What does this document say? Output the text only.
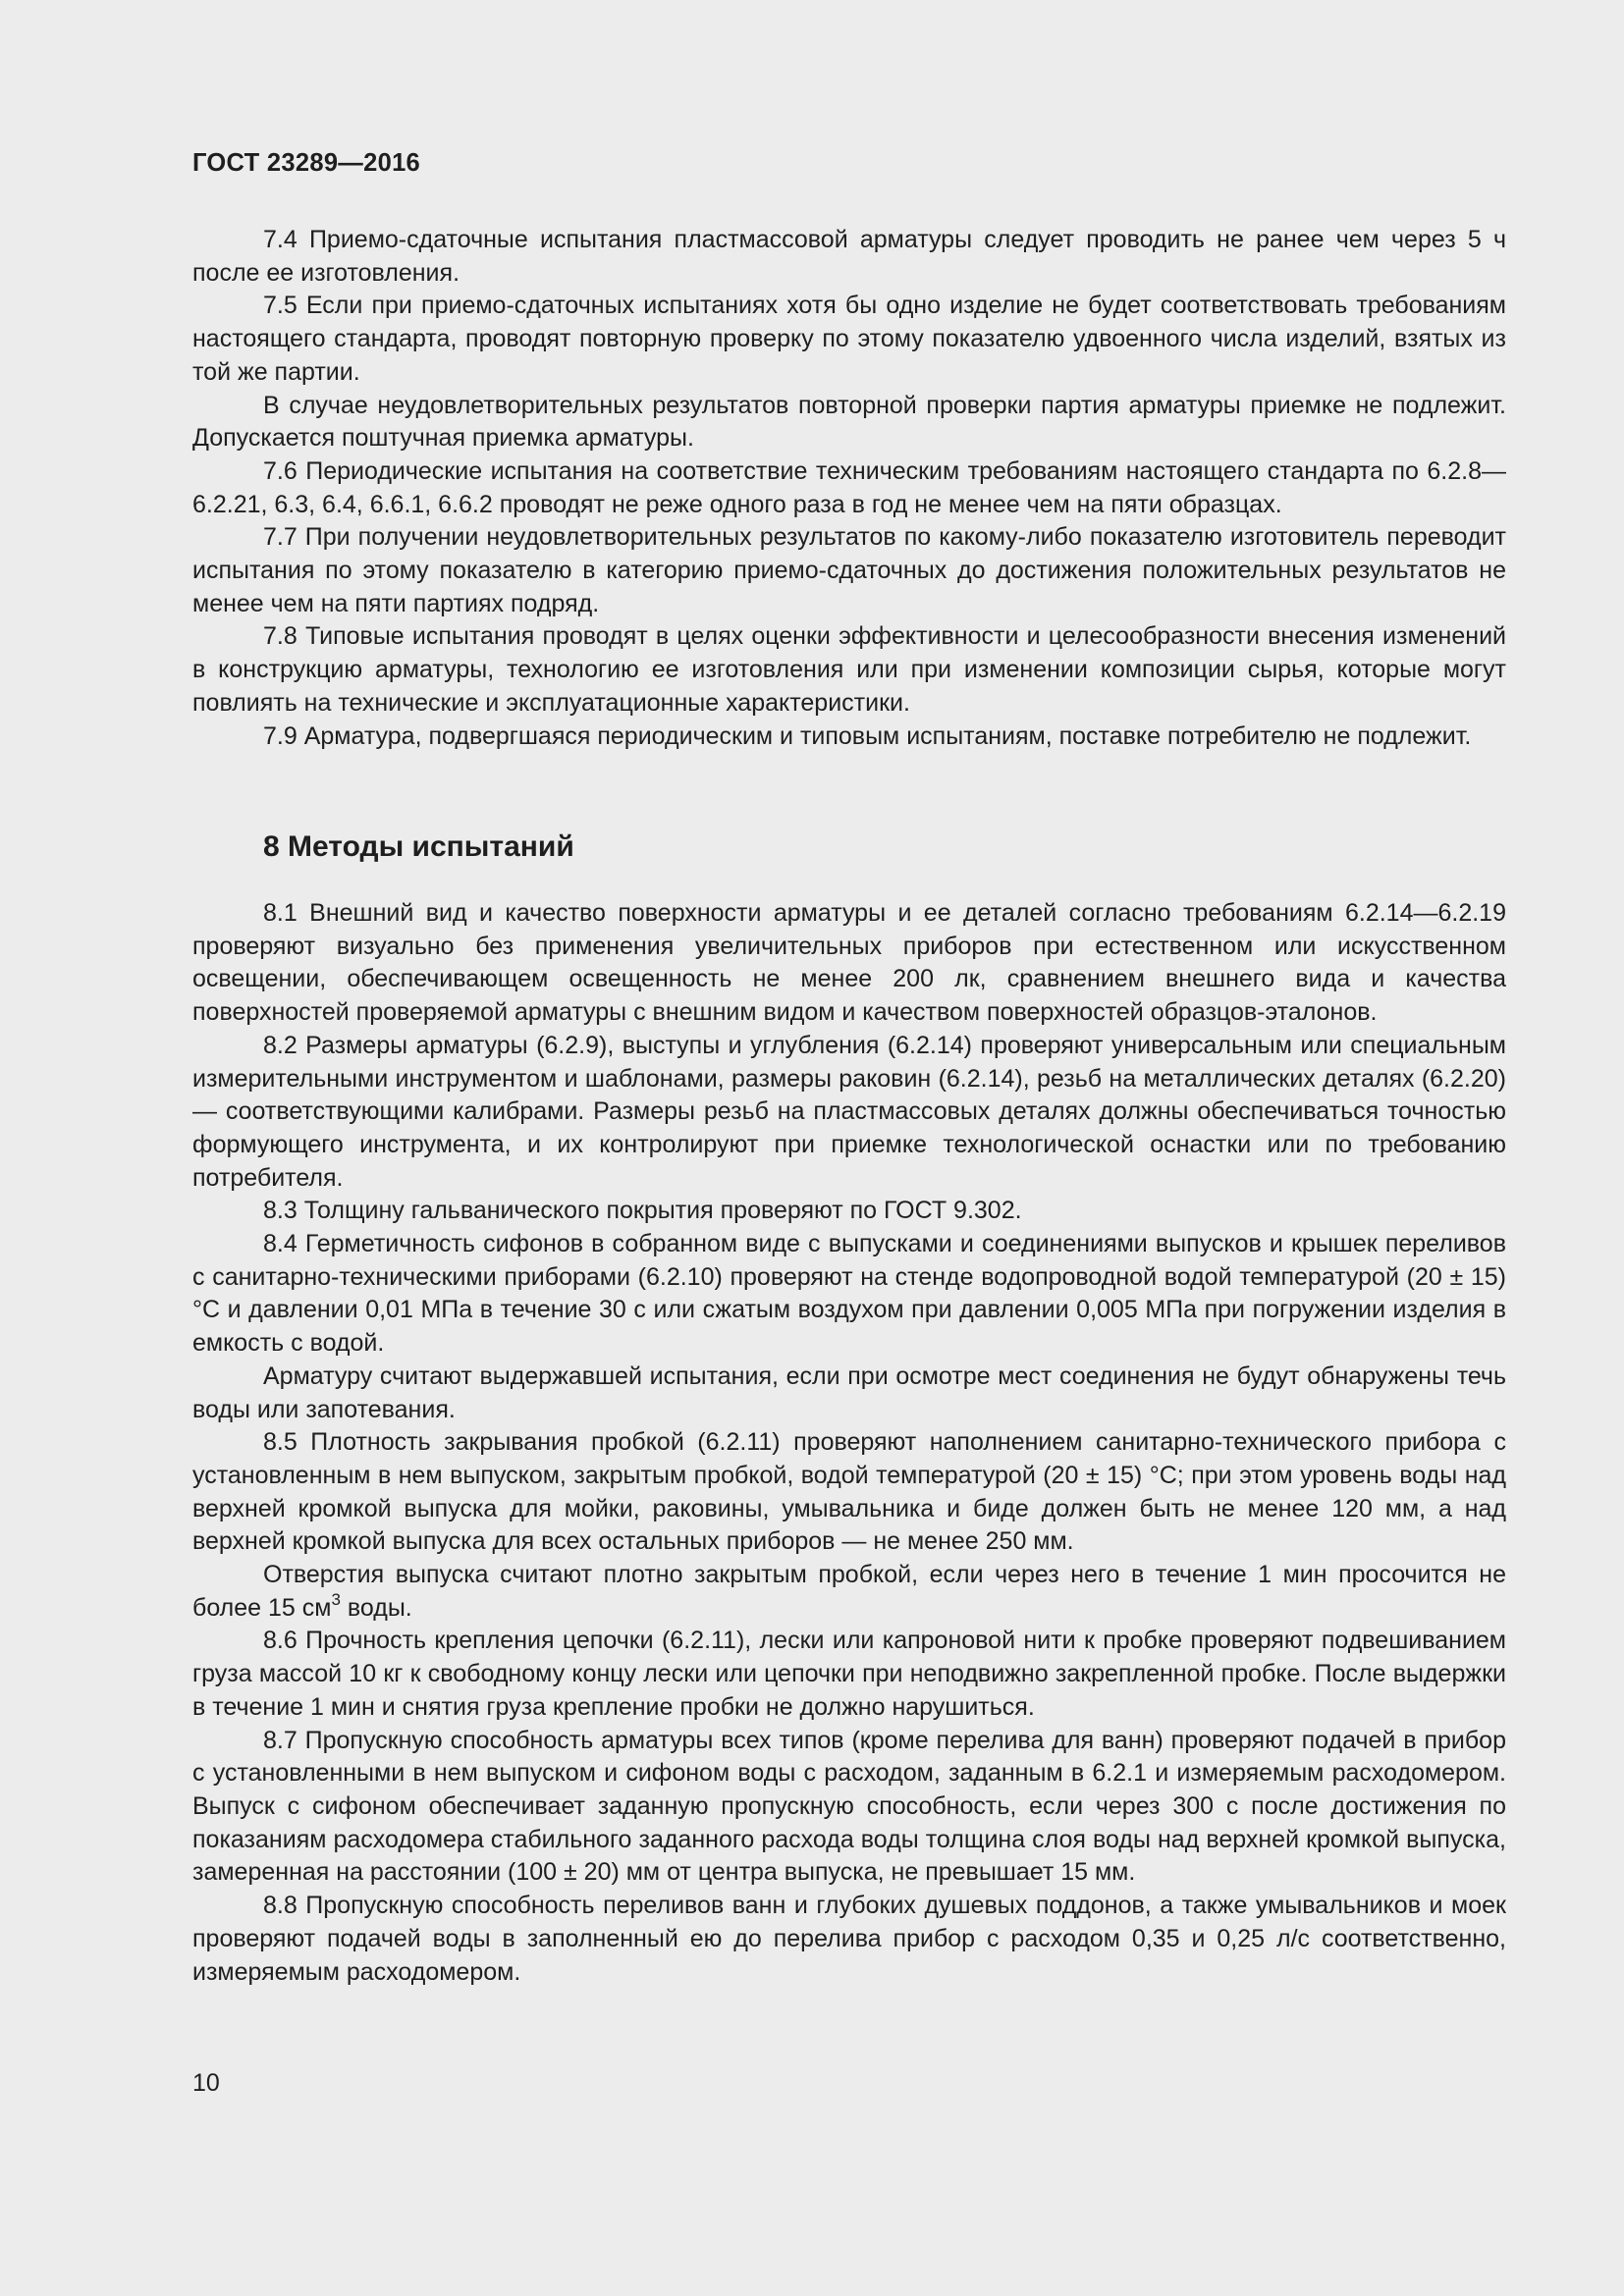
ГОСТ 23289—2016

7.4 Приемо-сдаточные испытания пластмассовой арматуры следует проводить не ранее чем через 5 ч после ее изготовления.

7.5 Если при приемо-сдаточных испытаниях хотя бы одно изделие не будет соответствовать требованиям настоящего стандарта, проводят повторную проверку по этому показателю удвоенного числа изделий, взятых из той же партии.

В случае неудовлетворительных результатов повторной проверки партия арматуры приемке не подлежит. Допускается поштучная приемка арматуры.

7.6 Периодические испытания на соответствие техническим требованиям настоящего стандарта по 6.2.8—6.2.21, 6.3, 6.4, 6.6.1, 6.6.2 проводят не реже одного раза в год не менее чем на пяти образцах.

7.7 При получении неудовлетворительных результатов по какому-либо показателю изготовитель переводит испытания по этому показателю в категорию приемо-сдаточных до достижения положительных результатов не менее чем на пяти партиях подряд.

7.8 Типовые испытания проводят в целях оценки эффективности и целесообразности внесения изменений в конструкцию арматуры, технологию ее изготовления или при изменении композиции сырья, которые могут повлиять на технические и эксплуатационные характеристики.

7.9 Арматура, подвергшаяся периодическим и типовым испытаниям, поставке потребителю не подлежит.

8 Методы испытаний

8.1 Внешний вид и качество поверхности арматуры и ее деталей согласно требованиям 6.2.14—6.2.19 проверяют визуально без применения увеличительных приборов при естественном или искусственном освещении, обеспечивающем освещенность не менее 200 лк, сравнением внешнего вида и качества поверхностей проверяемой арматуры с внешним видом и качеством поверхностей образцов-эталонов.

8.2 Размеры арматуры (6.2.9), выступы и углубления (6.2.14) проверяют универсальным или специальным измерительными инструментом и шаблонами, размеры раковин (6.2.14), резьб на металлических деталях (6.2.20) — соответствующими калибрами. Размеры резьб на пластмассовых деталях должны обеспечиваться точностью формующего инструмента, и их контролируют при приемке технологической оснастки или по требованию потребителя.

8.3 Толщину гальванического покрытия проверяют по ГОСТ 9.302.

8.4 Герметичность сифонов в собранном виде с выпусками и соединениями выпусков и крышек переливов с санитарно-техническими приборами (6.2.10) проверяют на стенде водопроводной водой температурой (20 ± 15) °С и давлении 0,01 МПа в течение 30 с или сжатым воздухом при давлении 0,005 МПа при погружении изделия в емкость с водой.

Арматуру считают выдержавшей испытания, если при осмотре мест соединения не будут обнаружены течь воды или запотевания.

8.5 Плотность закрывания пробкой (6.2.11) проверяют наполнением санитарно-технического прибора с установленным в нем выпуском, закрытым пробкой, водой температурой (20 ± 15) °С; при этом уровень воды над верхней кромкой выпуска для мойки, раковины, умывальника и биде должен быть не менее 120 мм, а над верхней кромкой выпуска для всех остальных приборов — не менее 250 мм.

Отверстия выпуска считают плотно закрытым пробкой, если через него в течение 1 мин просочится не более 15 $см^3$ воды.

8.6 Прочность крепления цепочки (6.2.11), лески или капроновой нити к пробке проверяют подвешиванием груза массой 10 кг к свободному концу лески или цепочки при неподвижно закрепленной пробке. После выдержки в течение 1 мин и снятия груза крепление пробки не должно нарушиться.

8.7 Пропускную способность арматуры всех типов (кроме перелива для ванн) проверяют подачей в прибор с установленными в нем выпуском и сифоном воды с расходом, заданным в 6.2.1 и измеряемым расходомером. Выпуск с сифоном обеспечивает заданную пропускную способность, если через 300 с после достижения по показаниям расходомера стабильного заданного расхода воды толщина слоя воды над верхней кромкой выпуска, замеренная на расстоянии (100 ± 20) мм от центра выпуска, не превышает 15 мм.

8.8 Пропускную способность переливов ванн и глубоких душевых поддонов, а также умывальников и моек проверяют подачей воды в заполненный ею до перелива прибор с расходом 0,35 и 0,25 л/с соответственно, измеряемым расходомером.

10
